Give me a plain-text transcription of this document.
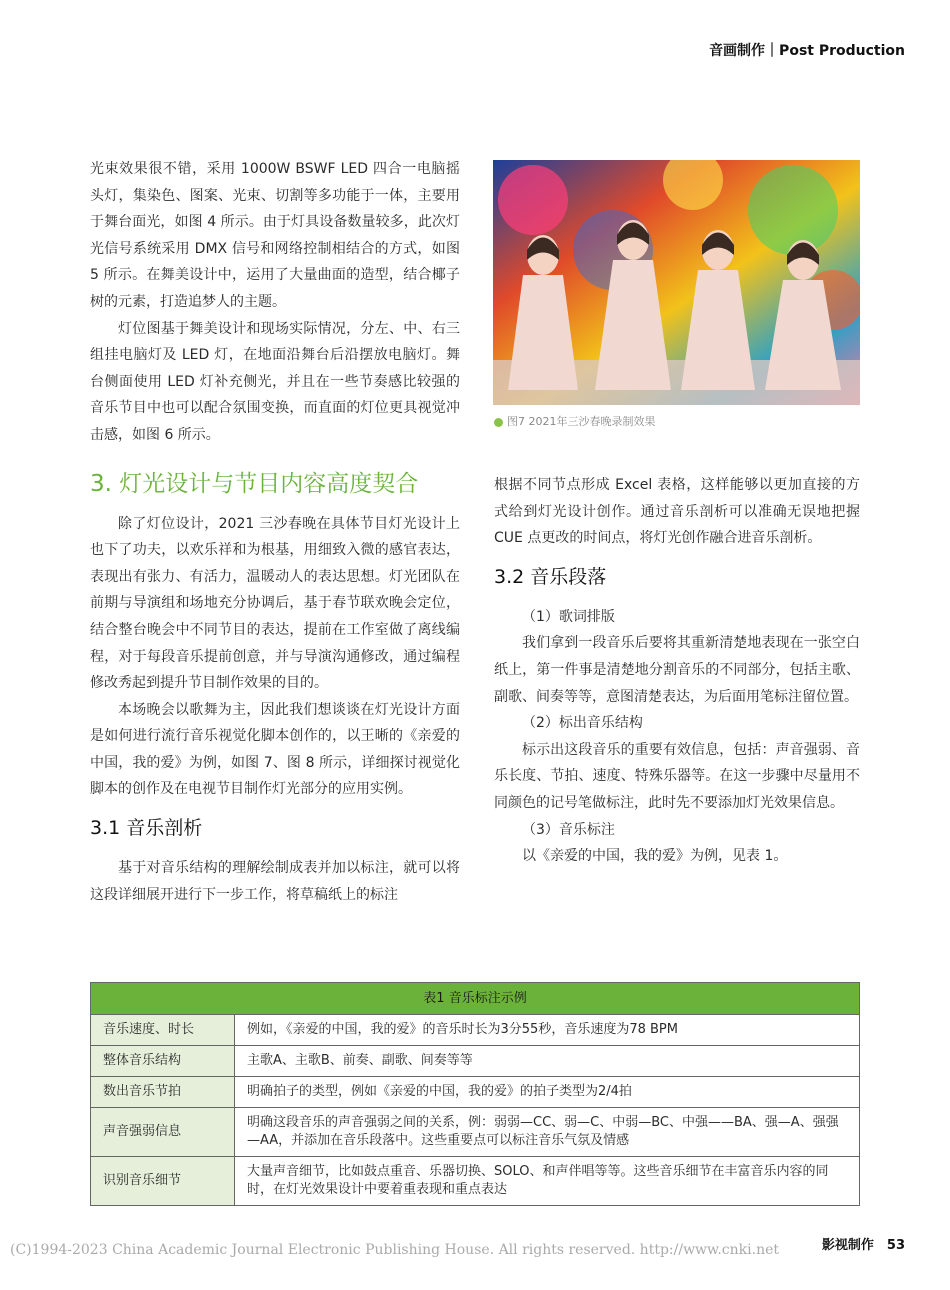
音画制作｜Post Production

光束效果很不错，采用 1000W BSWF LED 四合一电脑摇头灯，集染色、图案、光束、切割等多功能于一体，主要用于舞台面光，如图 4 所示。由于灯具设备数量较多，此次灯光信号系统采用 DMX 信号和网络控制相结合的方式，如图 5 所示。在舞美设计中，运用了大量曲面的造型，结合椰子树的元素，打造追梦人的主题。

灯位图基于舞美设计和现场实际情况，分左、中、右三组挂电脑灯及 LED 灯，在地面沿舞台后沿摆放电脑灯。舞台侧面使用 LED 灯补充侧光，并且在一些节奏感比较强的音乐节目中也可以配合氛围变换，而直面的灯位更具视觉冲击感，如图 6 所示。

3. 灯光设计与节目内容高度契合

除了灯位设计，2021 三沙春晚在具体节目灯光设计上也下了功夫，以欢乐祥和为根基，用细致入微的感官表达，表现出有张力、有活力，温暖动人的表达思想。灯光团队在前期与导演组和场地充分协调后，基于春节联欢晚会定位，结合整台晚会中不同节目的表达，提前在工作室做了离线编程，对于每段音乐提前创意，并与导演沟通修改，通过编程修改秀起到提升节目制作效果的目的。

本场晚会以歌舞为主，因此我们想谈谈在灯光设计方面是如何进行流行音乐视觉化脚本创作的，以王晰的《亲爱的中国，我的爱》为例，如图 7、图 8 所示，详细探讨视觉化脚本的创作及在电视节目制作灯光部分的应用实例。

3.1 音乐剖析

基于对音乐结构的理解绘制成表并加以标注，就可以将这段详细展开进行下一步工作，将草稿纸上的标注

图7 2021年三沙春晚录制效果

根据不同节点形成 Excel 表格，这样能够以更加直接的方式给到灯光设计创作。通过音乐剖析可以准确无误地把握 CUE 点更改的时间点，将灯光创作融合进音乐剖析。

3.2 音乐段落

（1）歌词排版

我们拿到一段音乐后要将其重新清楚地表现在一张空白纸上，第一件事是清楚地分割音乐的不同部分，包括主歌、副歌、间奏等等，意图清楚表达，为后面用笔标注留位置。

（2）标出音乐结构

标示出这段音乐的重要有效信息，包括：声音强弱、音乐长度、节拍、速度、特殊乐器等。在这一步骤中尽量用不同颜色的记号笔做标注，此时先不要添加灯光效果信息。

（3）音乐标注

以《亲爱的中国，我的爱》为例，见表 1。

表1 音乐标注示例	
音乐速度、时长	例如，《亲爱的中国，我的爱》的音乐时长为3分55秒，音乐速度为78 BPM
整体音乐结构	主歌A、主歌B、前奏、副歌、间奏等等
数出音乐节拍	明确拍子的类型，例如《亲爱的中国，我的爱》的拍子类型为2/4拍
声音强弱信息	明确这段音乐的声音强弱之间的关系，例：弱弱—CC、弱—C、中弱—BC、中强——BA、强—A、强强—AA，并添加在音乐段落中。这些重要点可以标注音乐气氛及情感
识别音乐细节	大量声音细节，比如鼓点重音、乐器切换、SOLO、和声伴唱等等。这些音乐细节在丰富音乐内容的同时，在灯光效果设计中要着重表现和重点表达
(C)1994-2023 China Academic Journal Electronic Publishing House. All rights reserved. http://www.cnki.net	影视制作　53
